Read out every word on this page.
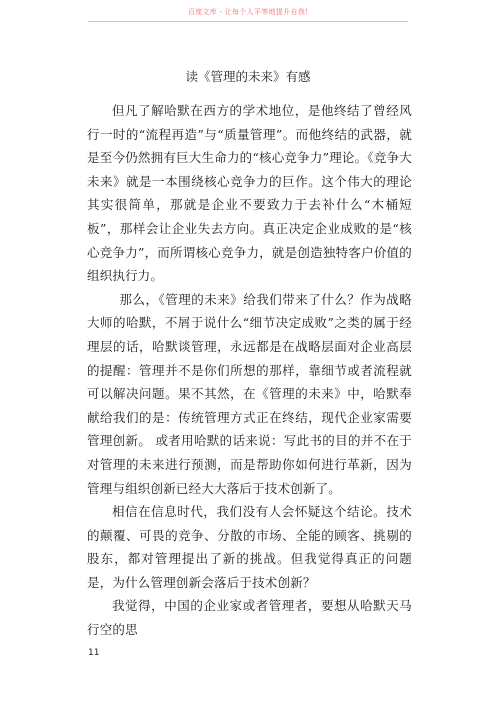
百度文库 - 让每个人平等地提升自我!
读《管理的未来》有感

但凡了解哈默在西方的学术地位，是他终结了曾经风行一时的“流程再造”与“质量管理”。而他终结的武器，就是至今仍然拥有巨大生命力的“核心竞争力”理论。《竞争大未来》就是一本围绕核心竞争力的巨作。这个伟大的理论其实很简单，那就是企业不要致力于去补什么“木桶短板”，那样会让企业失去方向。真正决定企业成败的是“核心竞争力”，而所谓核心竞争力，就是创造独特客户价值的组织执行力。

那么，《管理的未来》给我们带来了什么？作为战略大师的哈默，不屑于说什么“细节决定成败”之类的属于经理层的话，哈默谈管理，永远都是在战略层面对企业高层的提醒：管理并不是你们所想的那样，靠细节或者流程就可以解决问题。果不其然，在《管理的未来》中，哈默奉献给我们的是：传统管理方式正在终结，现代企业家需要管理创新。 或者用哈默的话来说：写此书的目的并不在于对管理的未来进行预测，而是帮助你如何进行革新，因为管理与组织创新已经大大落后于技术创新了。

相信在信息时代，我们没有人会怀疑这个结论。技术的颠覆、可畏的竞争、分散的市场、全能的顾客、挑剔的股东，都对管理提出了新的挑战。但我觉得真正的问题是，为什么管理创新会落后于技术创新？

我觉得，中国的企业家或者管理者，要想从哈默天马行空的思

11
